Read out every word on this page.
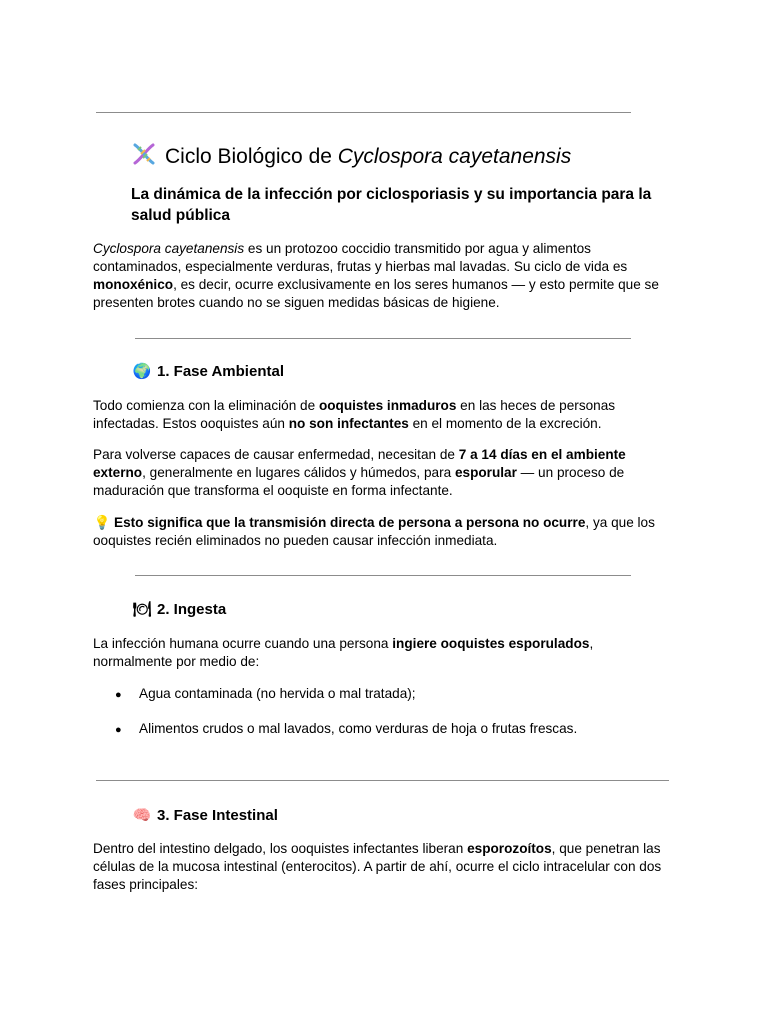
Ciclo Biológico de Cyclospora cayetanensis
La dinámica de la infección por ciclosporiasis y su importancia para la salud pública
Cyclospora cayetanensis es un protozoo coccidio transmitido por agua y alimentos contaminados, especialmente verduras, frutas y hierbas mal lavadas. Su ciclo de vida es monoxénico, es decir, ocurre exclusivamente en los seres humanos — y esto permite que se presenten brotes cuando no se siguen medidas básicas de higiene.
🌍 1. Fase Ambiental
Todo comienza con la eliminación de ooquistes inmaduros en las heces de personas infectadas. Estos ooquistes aún no son infectantes en el momento de la excreción.
Para volverse capaces de causar enfermedad, necesitan de 7 a 14 días en el ambiente externo, generalmente en lugares cálidos y húmedos, para esporular — un proceso de maduración que transforma el ooquiste en forma infectante.
💡 Esto significa que la transmisión directa de persona a persona no ocurre, ya que los ooquistes recién eliminados no pueden causar infección inmediata.
🍽 2. Ingesta
La infección humana ocurre cuando una persona ingiere ooquistes esporulados, normalmente por medio de:
● Agua contaminada (no hervida o mal tratada);
● Alimentos crudos o mal lavados, como verduras de hoja o frutas frescas.
🧠 3. Fase Intestinal
Dentro del intestino delgado, los ooquistes infectantes liberan esporozoítos, que penetran las células de la mucosa intestinal (enterocitos). A partir de ahí, ocurre el ciclo intracelular con dos fases principales:
